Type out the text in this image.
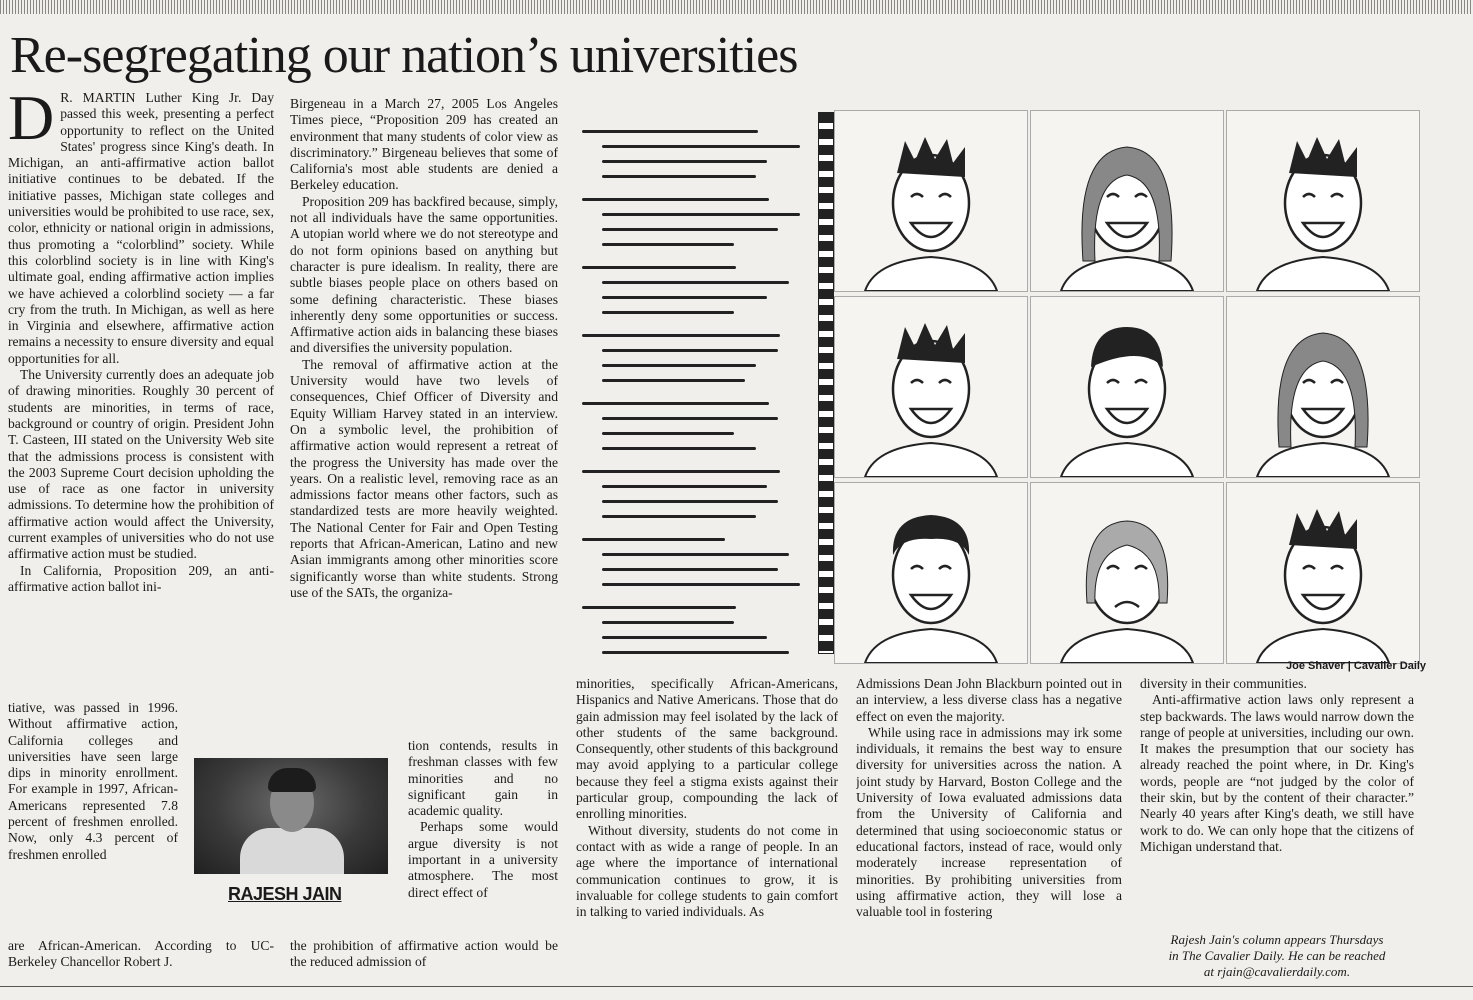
Re-segregating our nation’s universities
D R. MARTIN Luther King Jr. Day passed this week, presenting a perfect opportunity to reflect on the United States' progress since King's death. In Michigan, an anti-affirmative action ballot initiative continues to be debated. If the initiative passes, Michigan state colleges and universities would be prohibited to use race, sex, color, ethnicity or national origin in admissions, thus promoting a “colorblind” society. While this colorblind society is in line with King's ultimate goal, ending affirmative action implies we have achieved a colorblind society — a far cry from the truth. In Michigan, as well as here in Virginia and elsewhere, affirmative action remains a necessity to ensure diversity and equal opportunities for all.

The University currently does an adequate job of drawing minorities. Roughly 30 percent of students are minorities, in terms of race, background or country of origin. President John T. Casteen, III stated on the University Web site that the admissions process is consistent with the 2003 Supreme Court decision upholding the use of race as one factor in university admissions. To determine how the prohibition of affirmative action would affect the University, current examples of universities who do not use affirmative action must be studied.

In California, Proposition 209, an anti-affirmative action ballot ini-

tiative, was passed in 1996. Without affirmative action, California colleges and universities have seen large dips in minority enrollment. For example in 1997, African-Americans represented 7.8 percent of freshmen enrolled. Now, only 4.3 percent of freshmen enrolled

are African-American. According to UC-Berkeley Chancellor Robert J.

Birgeneau in a March 27, 2005 Los Angeles Times piece, “Proposition 209 has created an environment that many students of color view as discriminatory.” Birgeneau believes that some of California's most able students are denied a Berkeley education.

Proposition 209 has backfired because, simply, not all individuals have the same opportunities. A utopian world where we do not stereotype and do not form opinions based on anything but character is pure idealism. In reality, there are subtle biases people place on others based on some defining characteristic. These biases inherently deny some opportunities or success. Affirmative action aids in balancing these biases and diversifies the university population.

The removal of affirmative action at the University would have two levels of consequences, Chief Officer of Diversity and Equity William Harvey stated in an interview. On a symbolic level, the prohibition of affirmative action would represent a retreat of the progress the University has made over the years. On a realistic level, removing race as an admissions factor means other factors, such as standardized tests are more heavily weighted. The National Center for Fair and Open Testing reports that African-American, Latino and new Asian immigrants among other minorities score significantly worse than white students. Strong use of the SATs, the organiza-

tion contends, results in freshman classes with few minorities and no significant gain in academic quality.

Perhaps some would argue diversity is not important in a university atmosphere. The most direct effect of

the prohibition of affirmative action would be the reduced admission of

RAJESH JAIN
Joe Shaver | Cavalier Daily

minorities, specifically African-Americans, Hispanics and Native Americans. Those that do gain admission may feel isolated by the lack of other students of the same background. Consequently, other students of this background may avoid applying to a particular college because they feel a stigma exists against their particular group, compounding the lack of enrolling minorities.

Without diversity, students do not come in contact with as wide a range of people. In an age where the importance of international communication continues to grow, it is invaluable for college students to gain comfort in talking to varied individuals. As

Admissions Dean John Blackburn pointed out in an interview, a less diverse class has a negative effect on even the majority.

While using race in admissions may irk some individuals, it remains the best way to ensure diversity for universities across the nation. A joint study by Harvard, Boston College and the University of Iowa evaluated admissions data from the University of California and determined that using socioeconomic status or educational factors, instead of race, would only moderately increase representation of minorities. By prohibiting universities from using affirmative action, they will lose a valuable tool in fostering

diversity in their communities.

Anti-affirmative action laws only represent a step backwards. The laws would narrow down the range of people at universities, including our own. It makes the presumption that our society has already reached the point where, in Dr. King's words, people are “not judged by the color of their skin, but by the content of their character.” Nearly 40 years after King's death, we still have work to do. We can only hope that the citizens of Michigan understand that.

Rajesh Jain's column appears Thursdays
in The Cavalier Daily. He can be reached
at rjain@cavalierdaily.com.
